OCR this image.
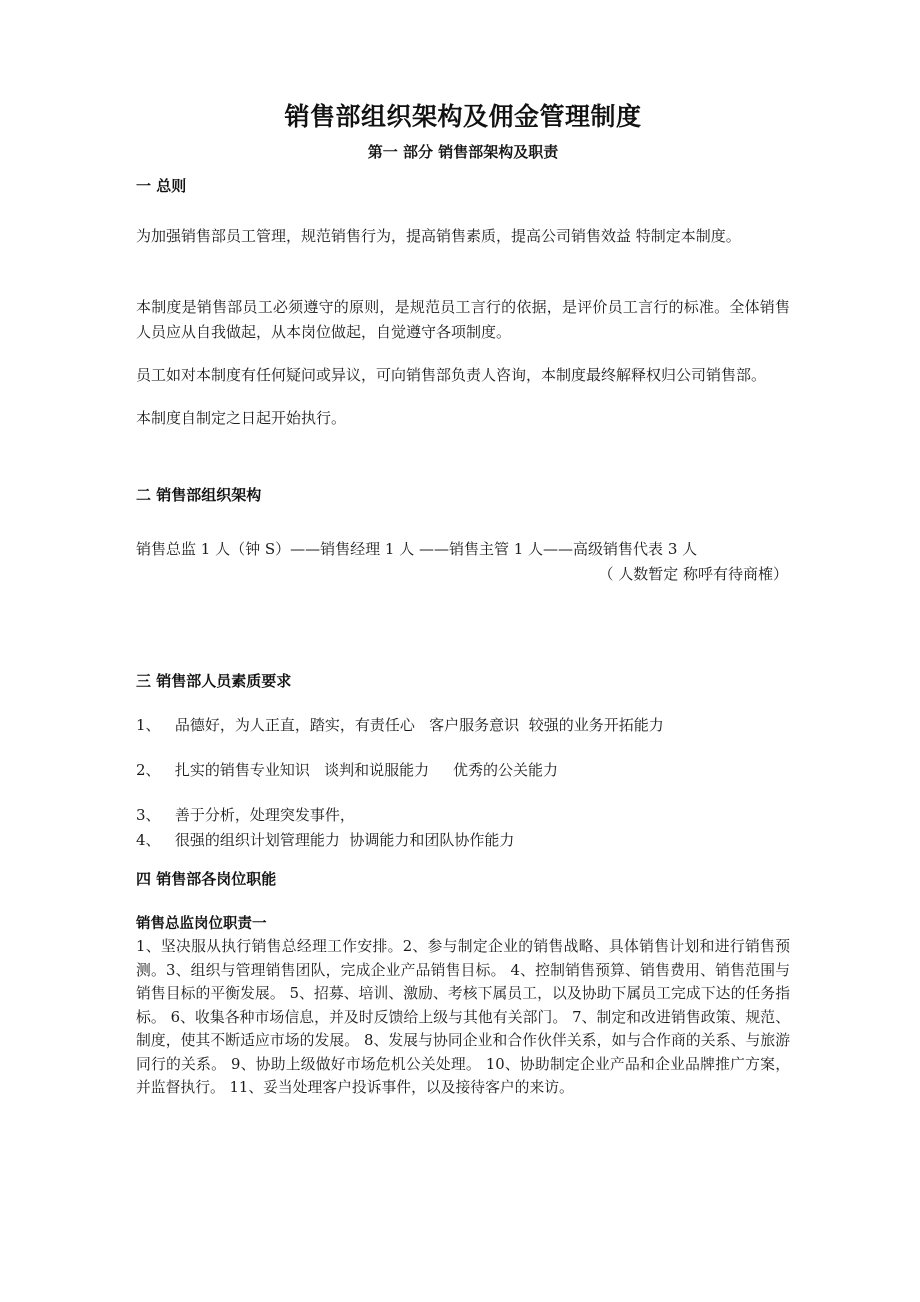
销售部组织架构及佣金管理制度
第一 部分 销售部架构及职责
一 总则

为加强销售部员工管理，规范销售行为，提高销售素质，提高公司销售效益 特制定本制度。

本制度是销售部员工必须遵守的原则，是规范员工言行的依据，是评价员工言行的标准。全体销售人员应从自我做起，从本岗位做起，自觉遵守各项制度。

员工如对本制度有任何疑问或异议，可向销售部负责人咨询，本制度最终解释权归公司销售部。

本制度自制定之日起开始执行。

二 销售部组织架构

销售总监 1 人（钟 S）——销售经理 1 人 ——销售主管 1 人——高级销售代表 3 人

（ 人数暂定 称呼有待商榷）

三 销售部人员素质要求

1、   品德好，为人正直，踏实，有责任心   客户服务意识  较强的业务开拓能力

2、   扎实的销售专业知识   谈判和说服能力     优秀的公关能力

3、   善于分析，处理突发事件，

4、   很强的组织计划管理能力  协调能力和团队协作能力

四 销售部各岗位职能
销售总监岗位职责一

1、坚决服从执行销售总经理工作安排。2、参与制定企业的销售战略、具体销售计划和进行销售预测。3、组织与管理销售团队，完成企业产品销售目标。 4、控制销售预算、销售费用、销售范围与销售目标的平衡发展。 5、招募、培训、激励、考核下属员工，以及协助下属员工完成下达的任务指标。 6、收集各种市场信息，并及时反馈给上级与其他有关部门。 7、制定和改进销售政策、规范、制度，使其不断适应市场的发展。 8、发展与协同企业和合作伙伴关系，如与合作商的关系、与旅游同行的关系。 9、协助上级做好市场危机公关处理。 10、协助制定企业产品和企业品牌推广方案，并监督执行。 11、妥当处理客户投诉事件，以及接待客户的来访。
